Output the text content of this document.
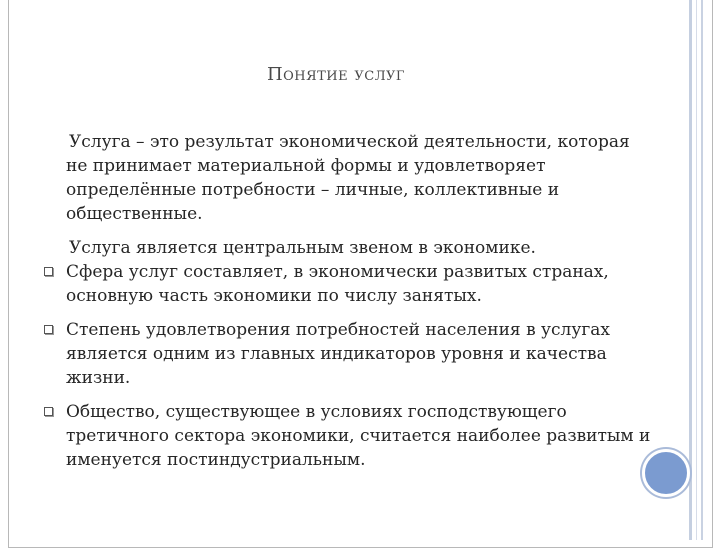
Понятие услуг

Услуга – это результат экономической деятельности, которая не принимает материальной формы и удовлетворяет определённые потребности – личные, коллективные и общественные.

Услуга является центральным звеном в экономике.

Сфера услуг составляет, в экономически развитых странах, основную часть экономики по числу занятых.
Степень удовлетворения потребностей населения в услугах является одним из главных индикаторов уровня и качества жизни.
Общество, существующее в условиях господствующего третичного сектора экономики, считается наиболее развитым и именуется постиндустриальным.
